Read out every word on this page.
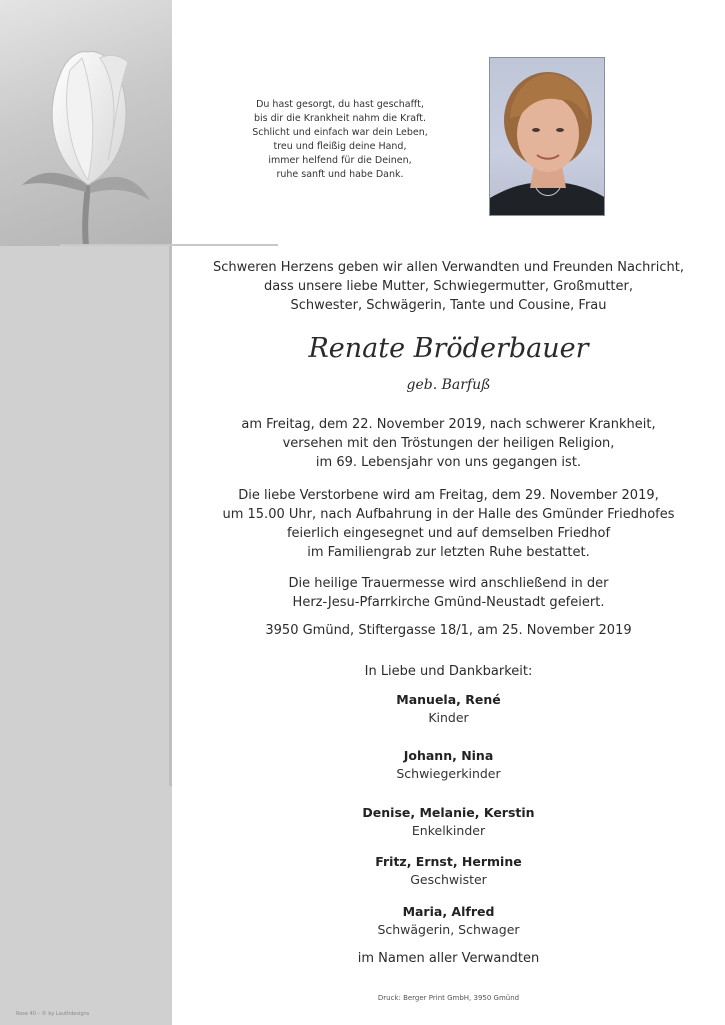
Rose 40 – © by Lauthdesigns
Du hast gesorgt, du hast geschafft,
bis dir die Krankheit nahm die Kraft.
Schlicht und einfach war dein Leben,
treu und fleißig deine Hand,
immer helfend für die Deinen,
ruhe sanft und habe Dank.
Schweren Herzens geben wir allen Verwandten und Freunden Nachricht,
dass unsere liebe Mutter, Schwiegermutter, Großmutter,
Schwester, Schwägerin, Tante und Cousine, Frau
Renate Bröderbauer
geb. Barfuß
am Freitag, dem 22. November 2019, nach schwerer Krankheit,
versehen mit den Tröstungen der heiligen Religion,
im 69. Lebensjahr von uns gegangen ist.
Die liebe Verstorbene wird am Freitag, dem 29. November 2019,
um 15.00 Uhr, nach Aufbahrung in der Halle des Gmünder Friedhofes
feierlich eingesegnet und auf demselben Friedhof
im Familiengrab zur letzten Ruhe bestattet.
Die heilige Trauermesse wird anschließend in der
Herz-Jesu-Pfarrkirche Gmünd-Neustadt gefeiert.
3950 Gmünd, Stiftergasse 18/1, am 25. November 2019
In Liebe und Dankbarkeit:
Manuela, René
Kinder
Johann, Nina
Schwiegerkinder
Denise, Melanie, Kerstin
Enkelkinder
Fritz, Ernst, Hermine
Geschwister
Maria, Alfred
Schwägerin, Schwager
im Namen aller Verwandten
Druck: Berger Print GmbH, 3950 Gmünd
